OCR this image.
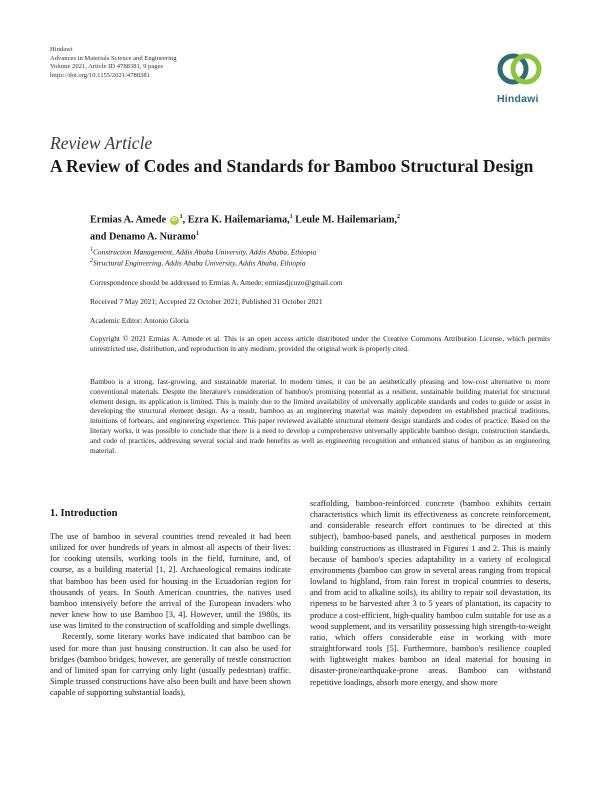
Hindawi
Advances in Materials Science and Engineering
Volume 2021, Article ID 4788381, 9 pages
https://doi.org/10.1155/2021/4788381
Hindawi
Review Article
A Review of Codes and Standards for Bamboo Structural Design
Ermias A. Amede $iD^1$, Ezra K. Hailemariama,$^1$ Leule M. Hailemariam,$^2$
and Denamo A. Nuramo$^1$
$^1$Construction Management, Addis Ababa University, Addis Ababa, Ethiopia
$^2$Structural Engineering, Addis Ababa University, Addis Ababa, Ethiopia
Correspondence should be addressed to Ermias A. Amede; ermiasdjcuzo@gmail.com
Received 7 May 2021; Accepted 22 October 2021; Published 31 October 2021
Academic Editor: Antonio Gloria
Copyright © 2021 Ermias A. Amede et al. This is an open access article distributed under the Creative Commons Attribution License, which permits unrestricted use, distribution, and reproduction in any medium, provided the original work is properly cited.
Bamboo is a strong, fast-growing, and sustainable material. In modern times, it can be an aesthetically pleasing and low-cost alternative to more conventional materials. Despite the literature's consideration of bamboo's promising potential as a resilient, sustainable building material for structural element design, its application is limited. This is mainly due to the limited availability of universally applicable standards and codes to guide or assist in developing the structural element design. As a result, bamboo as an engineering material was mainly dependent on established practical traditions, intuitions of forbears, and engineering experience. This paper reviewed available structural element design standards and codes of practice. Based on the literary works, it was possible to conclude that there is a need to develop a comprehensive universally applicable bamboo design, construction standards, and code of practices, addressing several social and trade benefits as well as engineering recognition and enhanced status of bamboo as an engineering material.
1. Introduction

The use of bamboo in several countries trend revealed it had been utilized for over hundreds of years in almost all aspects of their lives: for cooking utensils, working tools in the field, furniture, and, of course, as a building material [1, 2]. Archaeological remains indicate that bamboo has been used for housing in the Ecuadorian region for thousands of years. In South American countries, the natives used bamboo intensively before the arrival of the European invaders who never knew how to use Bamboo [3, 4]. However, until the 1980s, its use was limited to the construction of scaffolding and simple dwellings.

Recently, some literary works have indicated that bamboo can be used for more than just housing construction. It can also be used for bridges (bamboo bridges, however, are generally of trestle construction and of limited span for carrying only light (usually pedestrian) traffic. Simple trussed constructions have also been built and have been shown capable of supporting substantial loads),

scaffolding, bamboo-reinforced concrete (bamboo exhibits certain characteristics which limit its effectiveness as concrete reinforcement, and considerable research effort continues to be directed at this subject), bamboo-based panels, and aesthetical purposes in modern building constructions as illustrated in Figures 1 and 2. This is mainly because of bamboo's species adaptability in a variety of ecological environments (bamboo can grow in several areas ranging from tropical lowland to highland, from rain forest in tropical countries to deserts, and from acid to alkaline soils), its ability to repair soil devastation, its ripeness to be harvested after 3 to 5 years of plantation, its capacity to produce a cost-efficient, high-quality bamboo culm suitable for use as a wood supplement, and its versatility possessing high strength-to-weight ratio, which offers considerable ease in working with more straightforward tools [5]. Furthermore, bamboo's resilience coupled with lightweight makes bamboo an ideal material for housing in disaster-prone/earthquake-prone areas. Bamboo can withstand repetitive loadings, absorb more energy, and show more
